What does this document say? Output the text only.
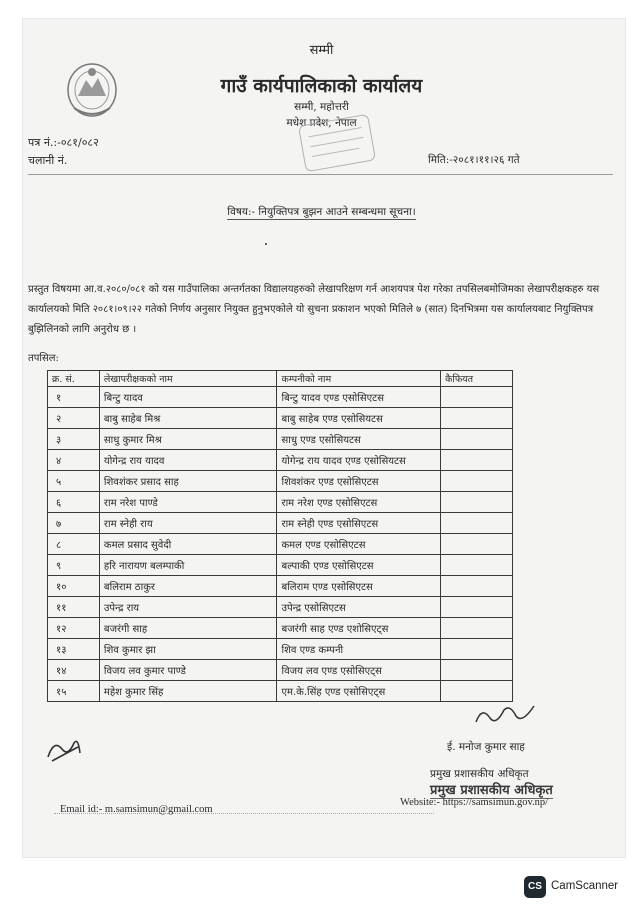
सम्मी
गाउँ कार्यपालिकाको कार्यालय
सम्मी, महोत्तरी
मधेश प्रदेश, नेपाल
पत्र नं.:-०८१/०८२
चलानी नं.	मिति:-२०८१।११।२६ गते
विषय:- नियुक्तिपत्र बुझन आउने सम्बन्धमा सूचना।
प्रस्तुत विषयमा आ.व.२०८०/०८१ को यस गाउँपालिका अन्तर्गतका विद्यालयहरुको लेखापरिक्षण गर्न आशयपत्र पेश गरेका तपसिलबमोजिमका लेखापरीक्षकहरु यस कार्यालयको मिति २०८१।०९।२२ गतेको निर्णय अनुसार नियुक्त हुनुभएकोले यो सुचना प्रकाशन भएको मितिले ७ (सात) दिनभित्रमा यस कार्यालयबाट नियुक्तिपत्र बुझिलिनको लागि अनुरोध छ ।
तपसिल:
क्र. सं.	लेखापरीक्षकको नाम	कम्पनीको नाम	कैफियत
१	बिन्टु यादव	बिन्टु यादव एण्ड एसोसिएटस	
२	बाबु साहेब मिश्र	बाबु साहेब एण्ड एसोसियटस	
३	साधु कुमार मिश्र	साधु एण्ड एसोसियटस	
४	योगेन्द्र राय यादव	योगेन्द्र राय यादव एण्ड एसोसियटस	
५	शिवशंकर प्रसाद साह	शिवशंकर एण्ड एसोसिएटस	
६	राम नरेश पाण्डे	राम नरेश एण्ड एसोसिएटस	
७	राम स्नेही राय	राम स्नेही एण्ड एसोसिएटस	
८	कमल प्रसाद सुवेदी	कमल एण्ड एसोसिएटस	
९	हरि नारायण बलम्पाकी	बल्पाकी एण्ड एसोसिएटस	
१०	बलिराम ठाकुर	बलिराम एण्ड एसोसिएटस	
११	उपेन्द्र राय	उपेन्द्र एसोसिएटस	
१२	बजरंगी साह	बजरंगी साह एण्ड एशोसिएट्स	
१३	शिव कुमार झा	शिव एण्ड कम्पनी	
१४	विजय लव कुमार पाण्डे	विजय लव एण्ड एसोसिएट्स	
१५	महेश कुमार सिंह	एम.के.सिंह एण्ड एसोसिएट्स	
ई. मनोज कुमार साह
प्रमुख प्रशासकीय अधिकृत
प्रमुख प्रशासकीय अधिकृत
Email id:- m.samsimun@gmail.com
Website:- https://samsimun.gov.np/
CS CamScanner
